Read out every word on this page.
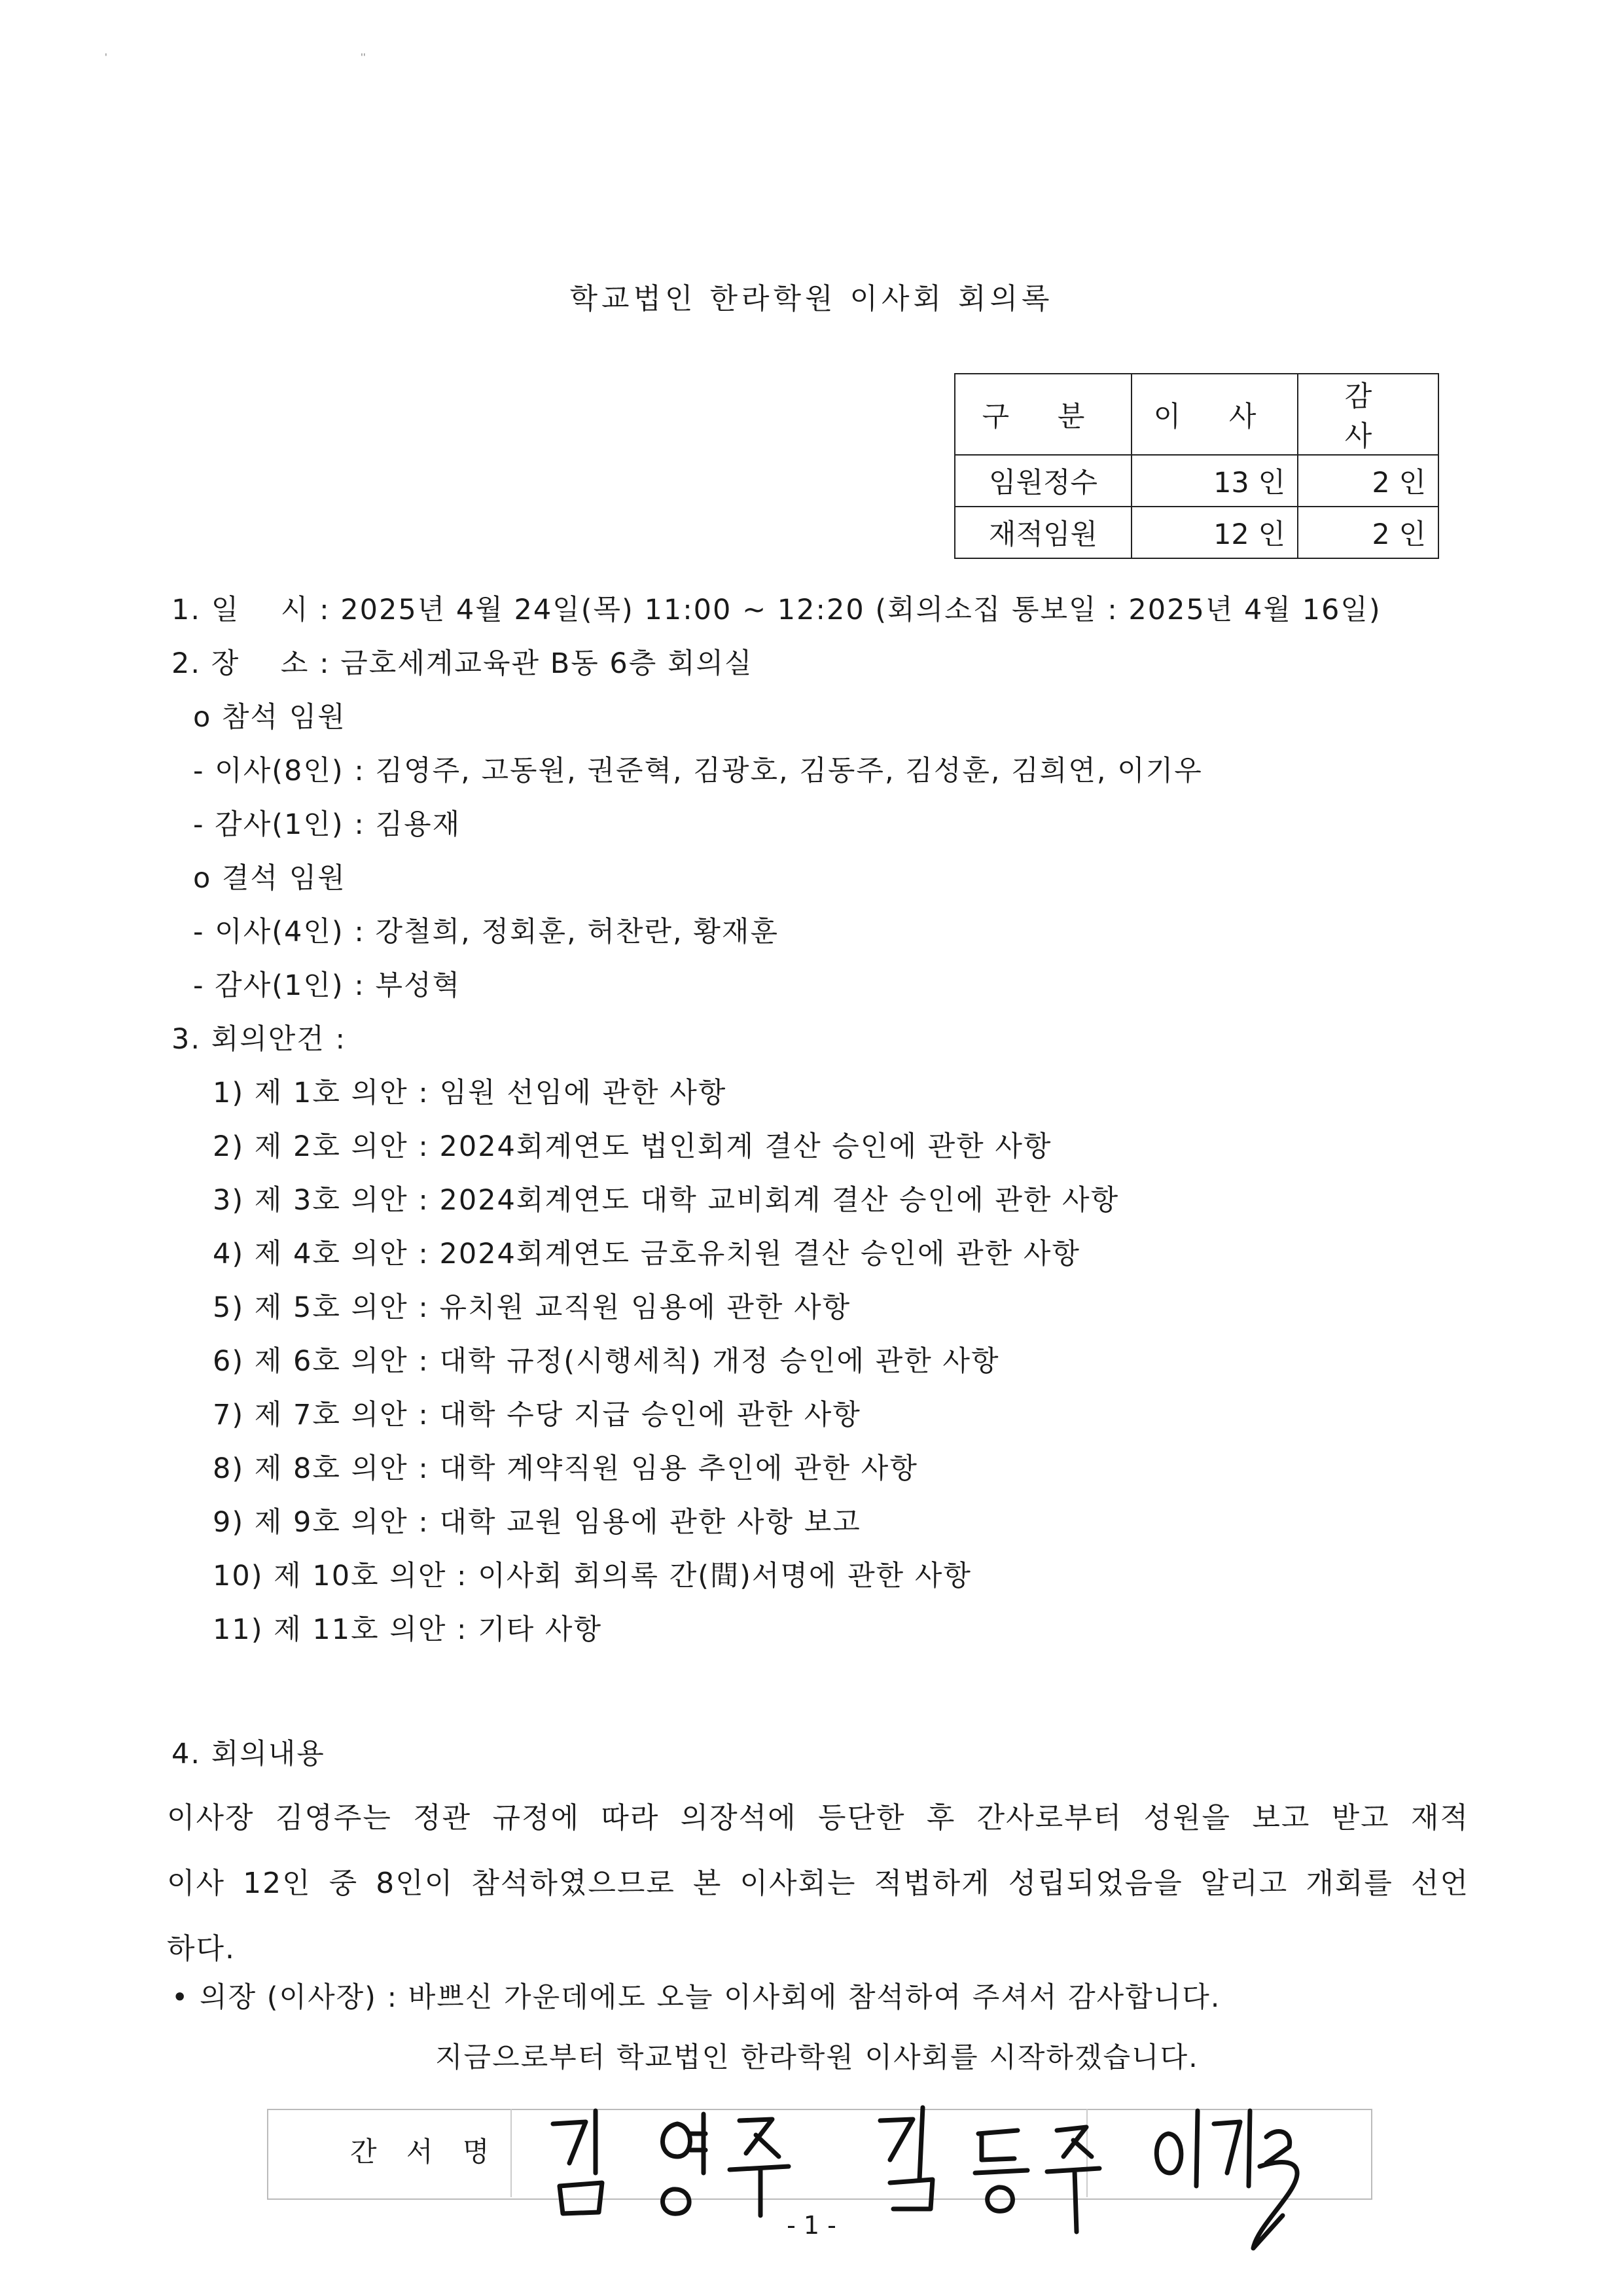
'                                                                                       ''
학교법인 한라학원 이사회 회의록
구 분	이 사	감 사
임원정수	13 인	2 인
재적임원	12 인	2 인
1. 일    시 : 2025년 4월 24일(목) 11:00 ~ 12:20 (회의소집 통보일 : 2025년 4월 16일)
2. 장    소 : 금호세계교육관 B동 6층 회의실
o 참석 임원
- 이사(8인) : 김영주, 고동원, 권준혁, 김광호, 김동주, 김성훈, 김희연, 이기우
- 감사(1인) : 김용재
o 결석 임원
- 이사(4인) : 강철희, 정회훈, 허찬란, 황재훈
- 감사(1인) : 부성혁
3. 회의안건 :
1) 제 1호 의안 : 임원 선임에 관한 사항
2) 제 2호 의안 : 2024회계연도 법인회계 결산 승인에 관한 사항
3) 제 3호 의안 : 2024회계연도 대학 교비회계 결산 승인에 관한 사항
4) 제 4호 의안 : 2024회계연도 금호유치원 결산 승인에 관한 사항
5) 제 5호 의안 : 유치원 교직원 임용에 관한 사항
6) 제 6호 의안 : 대학 규정(시행세칙) 개정 승인에 관한 사항
7) 제 7호 의안 : 대학 수당 지급 승인에 관한 사항
8) 제 8호 의안 : 대학 계약직원 임용 추인에 관한 사항
9) 제 9호 의안 : 대학 교원 임용에 관한 사항 보고
10) 제 10호 의안 : 이사회 회의록 간(間)서명에 관한 사항
11) 제 11호 의안 : 기타 사항
4. 회의내용
이사장 김영주는 정관 규정에 따라 의장석에 등단한 후 간사로부터 성원을 보고 받고 재적
이사 12인 중 8인이 참석하였으므로 본 이사회는 적법하게 성립되었음을 알리고 개회를 선언
하다.
• 의장 (이사장) : 바쁘신 가운데에도 오늘 이사회에 참석하여 주셔서 감사합니다.
지금으로부터 학교법인 한라학원 이사회를 시작하겠습니다.
간 서 명
- 1 -
